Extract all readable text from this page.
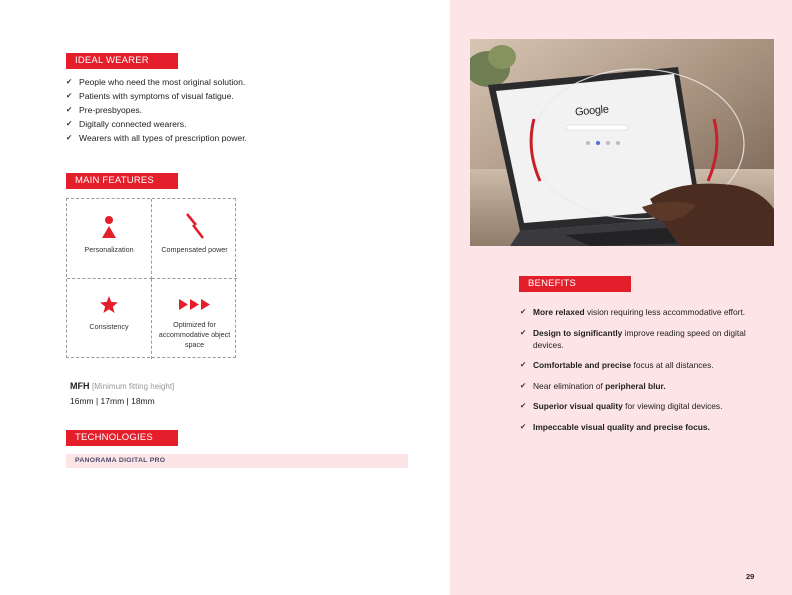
IDEAL WEARER
✔ People who need the most original solution.
✔ Patients with symptoms of visual fatigue.
✔ Pre-presbyopes.
✔ Digitally connected wearers.
✔ Wearers with all types of prescription power.
MAIN FEATURES
Personalization	Compensated power
Consistency	Optimized for accommodative object space
MFH [Minimum fitting height]
16mm | 17mm | 18mm
TECHNOLOGIES
PANORAMA DIGITAL PRO
Google
BENEFITS
✔ More relaxed vision requiring less accommodative effort.
✔ Design to significantly improve reading speed on digital devices.
✔ Comfortable and precise focus at all distances.
✔ Near elimination of peripheral blur.
✔ Superior visual quality for viewing digital devices.
✔ Impeccable visual quality and precise focus.
29
